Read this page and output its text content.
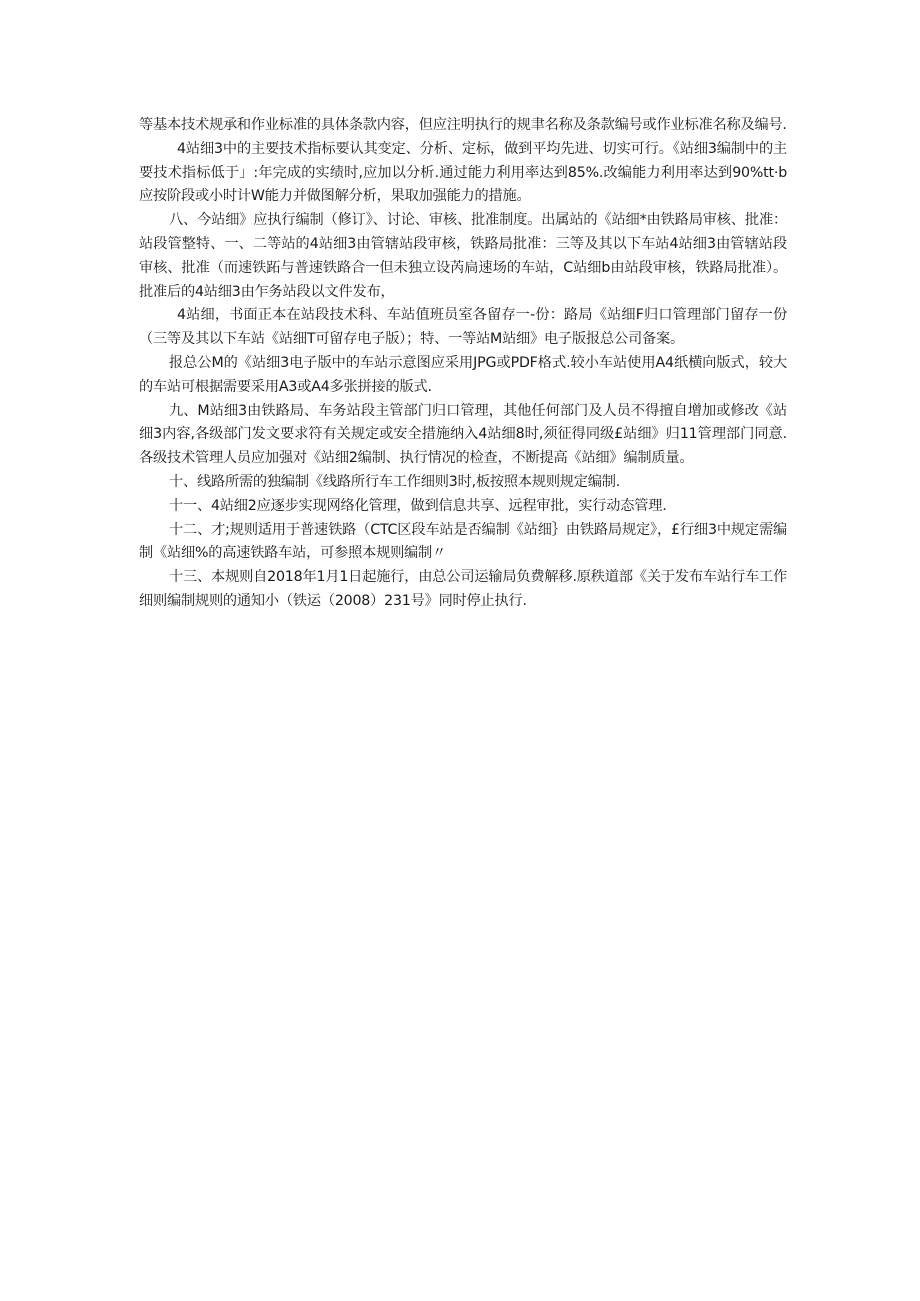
等基本技术规承和作业标准的具体条款内容，但应注明执行的规聿名称及条款编号或作业标准名称及编号.

4站细3中的主要技术指标要认其变定、分析、定标，做到平均先进、切实可行。《站细3编制中的主要技术指标低于」:年完成的实绩时,应加以分析.通过能力利用率达到85%.改编能力利用率达到90%tt·b应按阶段或小时计W能力并做图解分析，果取加强能力的措施。

八、今站细》应执行编制（修订》、讨论、审核、批准制度。出属站的《站细*由铁路局审核、批准：站段管整特、一、二等站的4站细3由管辖站段审核，铁路局批准：三等及其以下车站4站细3由管辖站段审核、批准（而速铁跖与普速铁路合一但未独立设芮扃速场的车站，C站细b由站段审核，铁路局批准）。批准后的4站细3由乍务站段以文件发布，

4站细，书面正本在站段技术科、车站值班员室各留存一-份：路局《站细F归口管理部门留存一份（三等及其以下车站《站细T可留存电子版）；特、一等站M站细》电子版报总公司备案。

报总公M的《站细3电子版中的车站示意图应采用JPG或PDF格式.较小车站使用A4纸横向版式，较大的车站可根据需要采用A3或A4多张拼接的版式.

九、M站细3由铁路局、车务站段主管部门归口管理，其他任何部门及人员不得擅自增加或修改《站细3内容,各级部门发文要求符有关规定或安全措施纳入4站细8时,须征得同级£站细》归11管理部门同意.各级技术管理人员应加强对《站细2编制、执行情况的检查，不断提高《站细》编制质量。

十、线路所需的独编制《线路所行车工作细则3时,板按照本规则规定编制.

十一、4站细2应逐步实现网络化管理，做到信息共享、远程审批，实行动态管理.

十二、才;规则适用于普速铁路（CTC区段车站是否编制《站细｝由铁路局规定》，£行细3中规定需编制《站细%的高速铁路车站，可参照本规则编制〃

十三、本规则自2018年1月1日起施行，由总公司运输局负费解移.原秩道部《关于发布车站行车工作细则编制规则的通知小（铁运（2008）231号》同时停止执行.
